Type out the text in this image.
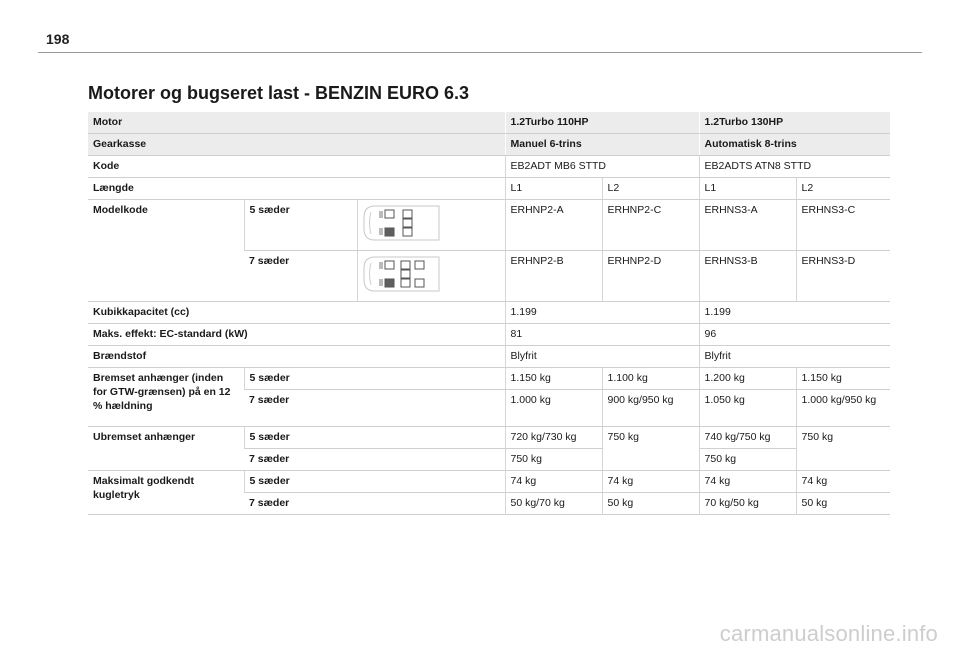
198
Motorer og bugseret last - BENZIN EURO 6.3
Motor			1.2Turbo 110HP		1.2Turbo 130HP	
Gearkasse			Manuel 6-trins		Automatisk 8-trins	
Kode			EB2ADT MB6 STTD		EB2ADTS ATN8 STTD	
Længde			L1	L2	L1	L2
Modelkode	5 sæder		ERHNP2-A	ERHNP2-C	ERHNS3-A	ERHNS3-C
	7 sæder		ERHNP2-B	ERHNP2-D	ERHNS3-B	ERHNS3-D
Kubikkapacitet (cc)			1.199		1.199	
Maks. effekt: EC-standard (kW)			81		96	
Brændstof			Blyfrit		Blyfrit	
Bremset anhænger (inden for GTW-grænsen) på en 12 % hældning	5 sæder		1.150 kg	1.100 kg	1.200 kg	1.150 kg
	7 sæder		1.000 kg	900 kg/950 kg	1.050 kg	1.000 kg/950 kg
Ubremset anhænger	5 sæder		720 kg/730 kg	750 kg	740 kg/750 kg	750 kg
	7 sæder		750 kg		750 kg	
Maksimalt godkendt kugletryk	5 sæder		74 kg	74 kg	74 kg	74 kg
	7 sæder		50 kg/70 kg	50 kg	70 kg/50 kg	50 kg
carmanualsonline.info
